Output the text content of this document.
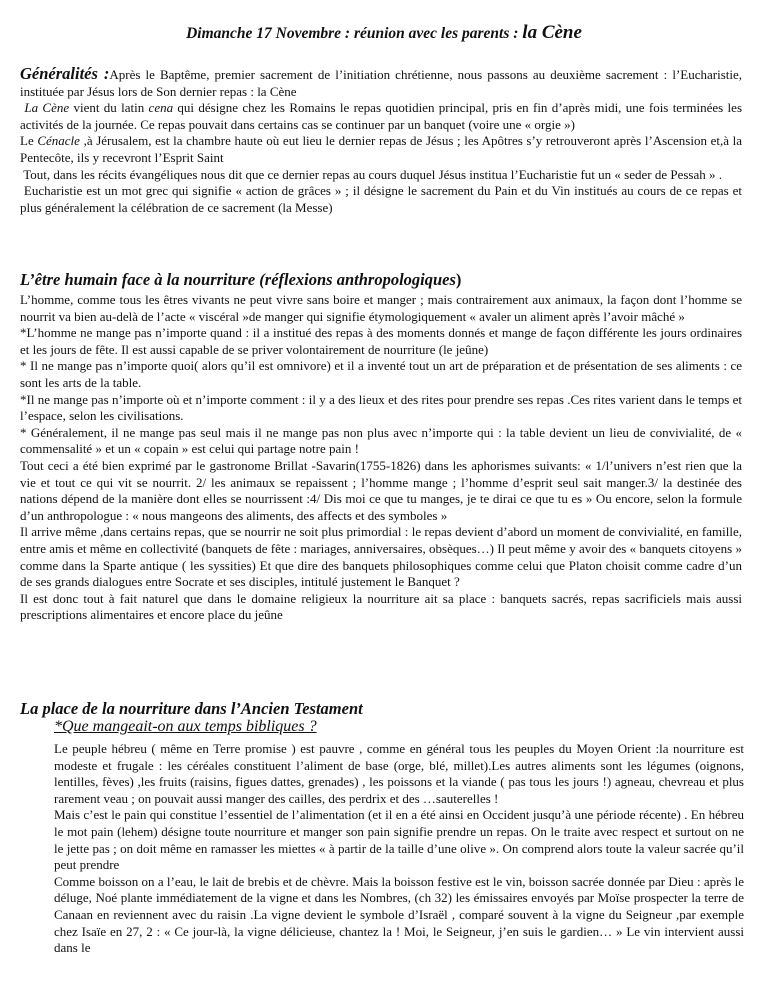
Dimanche 17 Novembre : réunion avec les parents : la Cène

Généralités :Après le Baptême, premier sacrement de l’initiation chrétienne, nous passons au deuxième sacrement : l’Eucharistie, instituée par Jésus lors de Son dernier repas : la Cène

La Cène vient du latin cena qui désigne chez les Romains le repas quotidien principal, pris en fin d’après midi, une fois terminées les activités de la journée. Ce repas pouvait dans certains cas se continuer par un banquet (voire une « orgie »)

Le Cénacle ,à Jérusalem, est la chambre haute où eut lieu le dernier repas de Jésus ; les Apôtres s’y retrouveront après l’Ascension et,à la Pentecôte, ils y recevront l’Esprit Saint

Tout, dans les récits évangéliques nous dit que ce dernier repas au cours duquel Jésus institua l’Eucharistie fut un « seder de Pessah » .

Eucharistie est un mot grec qui signifie « action de grâces » ; il désigne le sacrement du Pain et du Vin institués au cours de ce repas et plus généralement la célébration de ce sacrement (la Messe)

L’être humain face à la nourriture (réflexions anthropologiques)

L’homme, comme tous les êtres vivants ne peut vivre sans boire et manger ; mais contrairement aux animaux, la façon dont l’homme se nourrit va bien au-delà de l’acte « viscéral »de manger qui signifie étymologiquement « avaler un aliment après l’avoir mâché »

*L’homme ne mange pas n’importe quand : il a institué des repas à des moments donnés et mange de façon différente les jours ordinaires et les jours de fête. Il est aussi capable de se priver volontairement de nourriture (le jeûne)

* Il ne mange pas n’importe quoi( alors qu’il est omnivore) et il a inventé tout un art de préparation et de présentation de ses aliments : ce sont les arts de la table.

*Il ne mange pas n’importe où et n’importe comment : il y a des lieux et des rites pour prendre ses repas .Ces rites varient dans le temps et l’espace, selon les civilisations.

* Généralement, il ne mange pas seul mais il ne mange pas non plus avec n’importe qui : la table devient un lieu de convivialité, de « commensalité » et un « copain » est celui qui partage notre pain !

Tout ceci a été bien exprimé par le gastronome Brillat -Savarin(1755-1826) dans les aphorismes suivants: « 1/l’univers n’est rien que la vie et tout ce qui vit se nourrit. 2/ les animaux se repaissent ; l’homme mange ; l’homme d’esprit seul sait manger.3/ la destinée des nations dépend de la manière dont elles se nourrissent :4/ Dis moi ce que tu manges, je te dirai ce que tu es » Ou encore, selon la formule d’un anthropologue : « nous mangeons des aliments, des affects et des symboles »

Il arrive même ,dans certains repas, que se nourrir ne soit plus primordial : le repas devient d’abord un moment de convivialité, en famille, entre amis et même en collectivité (banquets de fête : mariages, anniversaires, obsèques…) Il peut même y avoir des « banquets citoyens » comme dans la Sparte antique ( les syssities) Et que dire des banquets philosophiques comme celui que Platon choisit comme cadre d’un de ses grands dialogues entre Socrate et ses disciples, intitulé justement le Banquet ?

Il est donc tout à fait naturel que dans le domaine religieux la nourriture ait sa place : banquets sacrés, repas sacrificiels mais aussi prescriptions alimentaires et encore place du jeûne

La place de la nourriture dans l’Ancien Testament
*Que mangeait-on aux temps bibliques ?

Le peuple hébreu ( même en Terre promise ) est pauvre , comme en général tous les peuples du Moyen Orient :la nourriture est modeste et frugale : les céréales constituent l’aliment de base (orge, blé, millet).Les autres aliments sont les légumes (oignons, lentilles, fèves) ,les fruits (raisins, figues dattes, grenades) , les poissons et la viande ( pas tous les jours !) agneau, chevreau et plus rarement veau ; on pouvait aussi manger des cailles, des perdrix et des …sauterelles !

Mais c’est le pain qui constitue l’essentiel de l’alimentation (et il en a été ainsi en Occident jusqu’à une période récente) . En hébreu le mot pain (lehem) désigne toute nourriture et manger son pain signifie prendre un repas. On le traite avec respect et surtout on ne le jette pas ; on doit même en ramasser les miettes « à partir de la taille d’une olive ». On comprend alors toute la valeur sacrée qu’il peut prendre

Comme boisson on a l’eau, le lait de brebis et de chèvre. Mais la boisson festive est le vin, boisson sacrée donnée par Dieu : après le déluge, Noé plante immédiatement de la vigne et dans les Nombres, (ch 32) les émissaires envoyés par Moïse prospecter la terre de Canaan en reviennent avec du raisin .La vigne devient le symbole d’Israël , comparé souvent à la vigne du Seigneur ,par exemple chez Isaïe en 27, 2 : « Ce jour-là, la vigne délicieuse, chantez la ! Moi, le Seigneur, j’en suis le gardien… » Le vin intervient aussi dans le
